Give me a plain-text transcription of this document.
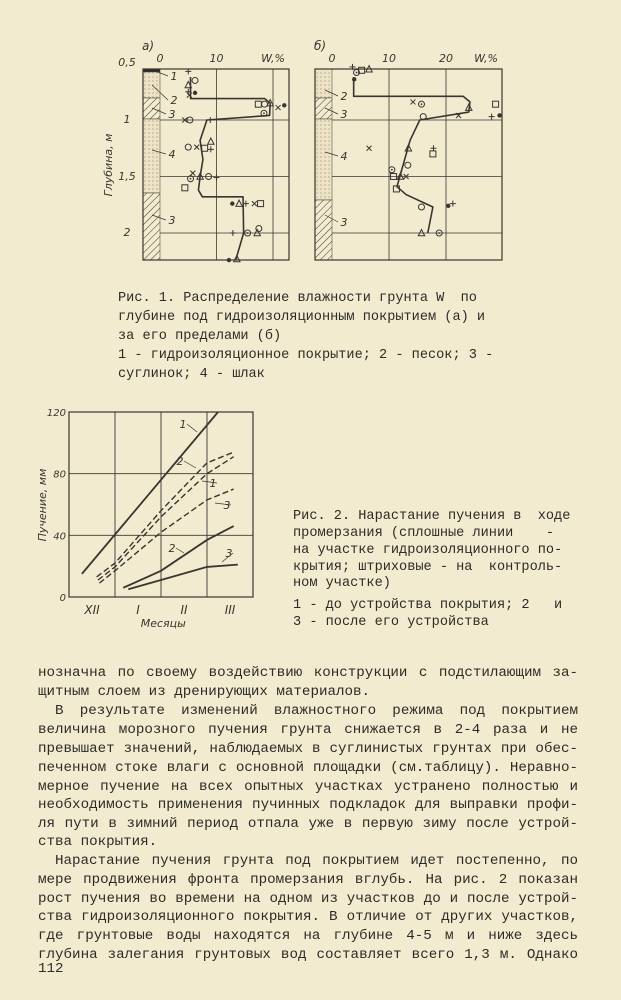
0,5
1
1,5
2
Глубина, м
а)
0	10	W,%
1
2
3
4
3
б)
0	10	20 W,%
2
3
4
3
0
40
80
120
XII	I	II	III
Месяцы
Пучение, мм
1
2
1
3
2	3
Рис. 1. Распределение влажности грунта W  по
глубине под гидроизоляционным покрытием (а) и
за его пределами (б)
1 - гидроизоляционное покрытие; 2 - песок; 3 -
суглинок; 4 - шлак
Рис. 2. Нарастание пучения в  ходе
промерзания (сплошные линии    -
на участке гидроизоляционного по-
крытия; штриховые - на  контроль-
ном участке)
1 - до устройства покрытия; 2   и
3 - после его устройства
нозначна по своему воздействию конструкции с подстилающим за-
щитным слоем из дренирующих материалов.
В результате изменений влажностного режима под покрытием
величина морозного пучения грунта снижается в 2-4 раза и не
превышает значений, наблюдаемых в суглинистых грунтах при обес-
печенном стоке влаги с основной площадки (см.таблицу). Неравно-
мерное пучение на всех опытных участках устранено полностью и
необходимость применения пучинных подкладок для выправки профи-
ля пути в зимний период отпала уже в первую зиму после устрой-
ства покрытия.
Нарастание пучения грунта под покрытием идет постепенно, по
мере продвижения фронта промерзания вглубь. На рис. 2 показан
рост пучения во времени на одном из участков до и после устрой-
ства гидроизоляционного покрытия. В отличие от других участков,
где грунтовые воды находятся на глубине 4-5 м и ниже здесь
глубина залегания грунтовых вод составляет всего 1,3 м. Однако
112
